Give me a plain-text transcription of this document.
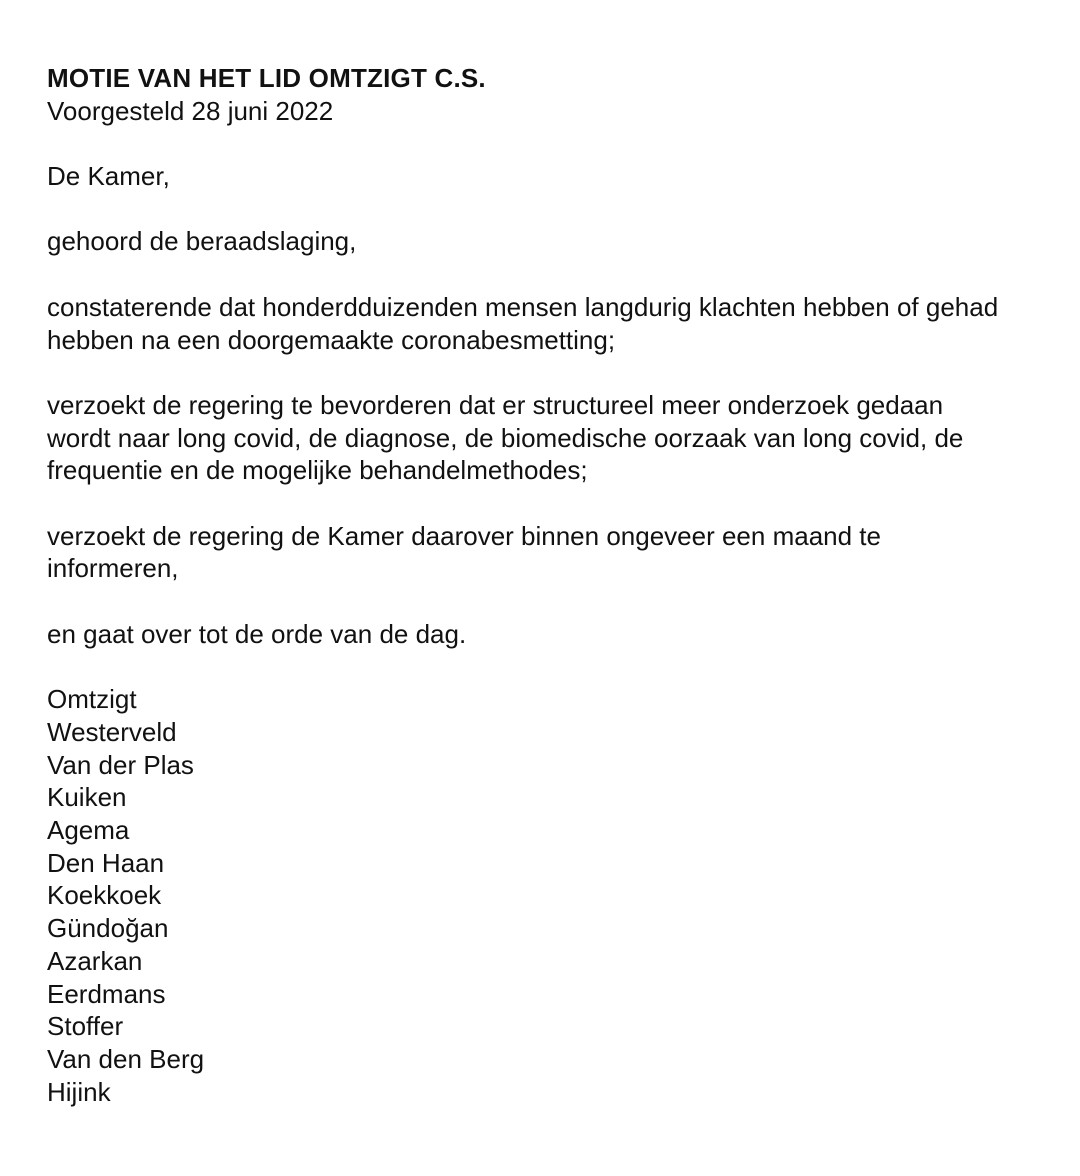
MOTIE VAN HET LID OMTZIGT C.S.

Voorgesteld 28 juni 2022

De Kamer,

gehoord de beraadslaging,

constaterende dat honderdduizenden mensen langdurig klachten hebben of gehad hebben na een doorgemaakte coronabesmetting;

verzoekt de regering te bevorderen dat er structureel meer onderzoek gedaan wordt naar long covid, de diagnose, de biomedische oorzaak van long covid, de frequentie en de mogelijke behandelmethodes;

verzoekt de regering de Kamer daarover binnen ongeveer een maand te informeren,

en gaat over tot de orde van de dag.

Omtzigt
Westerveld
Van der Plas
Kuiken
Agema
Den Haan
Koekkoek
Gündoğan
Azarkan
Eerdmans
Stoffer
Van den Berg
Hijink
